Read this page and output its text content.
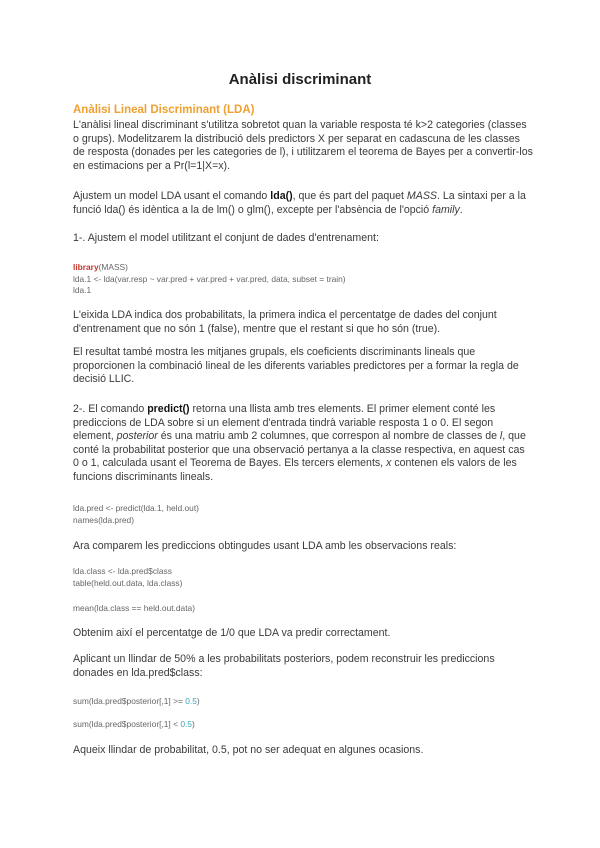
Anàlisi discriminant
Anàlisi Lineal Discriminant (LDA)

L'anàlisi lineal discriminant s'utilitza sobretot quan la variable resposta té k>2 categories (classes o grups). Modelitzarem la distribució dels predictors X per separat en cadascuna de les classes de resposta (donades per les categories de l), i utilitzarem el teorema de Bayes per a convertir-los en estimacions per a Pr(l=1|X=x).

Ajustem un model LDA usant el comando lda(), que és part del paquet MASS. La sintaxi per a la funció lda() és idèntica a la de lm() o glm(), excepte per l'absència de l'opció family.

1-. Ajustem el model utilitzant el conjunt de dades d'entrenament:

library(MASS)
lda.1 <- lda(var.resp ~ var.pred + var.pred + var.pred, data, subset = train)
lda.1

L'eixida LDA indica dos probabilitats, la primera indica el percentatge de dades del conjunt d'entrenament que no són 1 (false), mentre que el restant si que ho són (true).

El resultat també mostra les mitjanes grupals, els coeficients discriminants lineals que proporcionen la combinació lineal de les diferents variables predictores per a formar la regla de decisió LLIC.

2-. El comando predict() retorna una llista amb tres elements. El primer element conté les prediccions de LDA sobre si un element d'entrada tindrà variable resposta 1 o 0. El segon element, posterior és una matriu amb 2 columnes, que correspon al nombre de classes de l, que conté la probabilitat posterior que una observació pertanya a la classe respectiva, en aquest cas 0 o 1, calculada usant el Teorema de Bayes. Els tercers elements, x contenen els valors de les funcions discriminants lineals.

lda.pred <- predict(lda.1, held.out)
names(lda.pred)

Ara comparem les prediccions obtingudes usant LDA amb les observacions reals:

lda.class <- lda.pred$class
table(held.out.data, lda.class)
mean(lda.class == held.out.data)

Obtenim així el percentatge de 1/0 que LDA va predir correctament.

Aplicant un llindar de 50% a les probabilitats posteriors, podem reconstruir les prediccions donades en lda.pred$class:

sum(lda.pred$posterior[,1] >= 0.5)
sum(lda.pred$posterior[,1] < 0.5)

Aqueix llindar de probabilitat, 0.5, pot no ser adequat en algunes ocasions.
